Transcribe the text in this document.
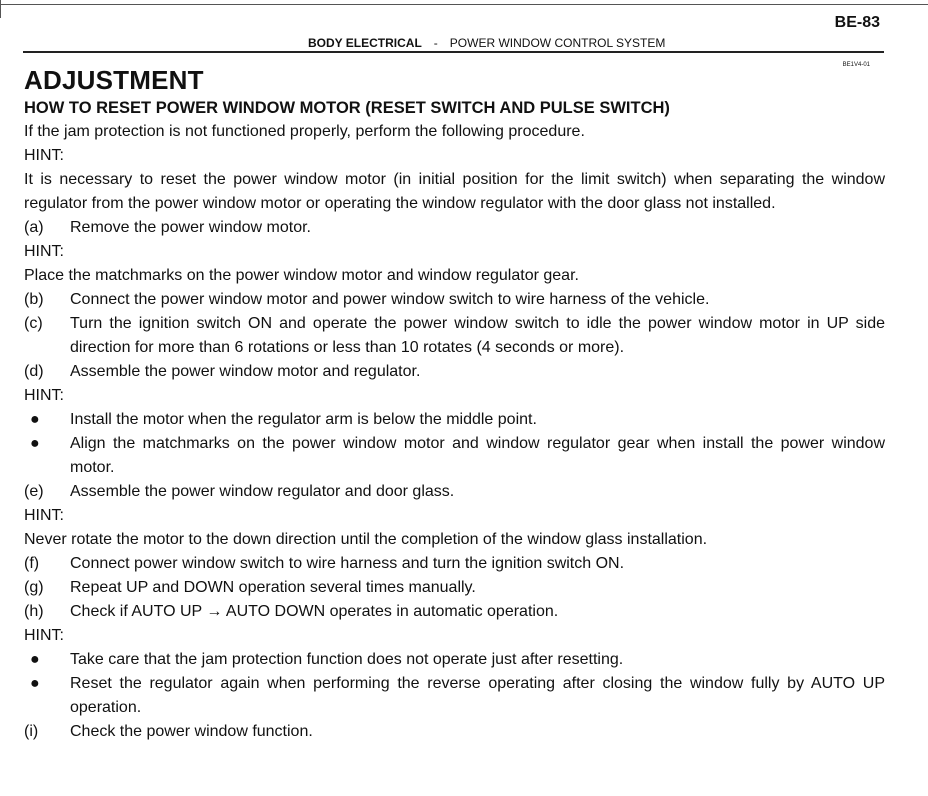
BE-83
BODY ELECTRICAL - POWER WINDOW CONTROL SYSTEM
BE1V4-01
ADJUSTMENT
HOW TO RESET POWER WINDOW MOTOR (RESET SWITCH AND PULSE SWITCH)

If the jam protection is not functioned properly, perform the following procedure.

HINT:

It is necessary to reset the power window motor (in initial position for the limit switch) when separating the window regulator from the power window motor or operating the window regulator with the door glass not installed.

(a)	Remove the power window motor.

HINT:

Place the matchmarks on the power window motor and window regulator gear.

(b)	Connect the power window motor and power window switch to wire harness of the vehicle.
(c)	Turn the ignition switch ON and operate the power window switch to idle the power window motor in UP side direction for more than 6 rotations or less than 10 rotates (4 seconds or more).
(d)	Assemble the power window motor and regulator.

HINT:

●	Install the motor when the regulator arm is below the middle point.
●	Align the matchmarks on the power window motor and window regulator gear when install the power window motor.
(e)	Assemble the power window regulator and door glass.

HINT:

Never rotate the motor to the down direction until the completion of the window glass installation.

(f)	Connect power window switch to wire harness and turn the ignition switch ON.
(g)	Repeat UP and DOWN operation several times manually.
(h)	Check if AUTO UP → AUTO DOWN operates in automatic operation.

HINT:

●	Take care that the jam protection function does not operate just after resetting.
●	Reset the regulator again when performing the reverse operating after closing the window fully by AUTO UP operation.
(i)	Check the power window function.
